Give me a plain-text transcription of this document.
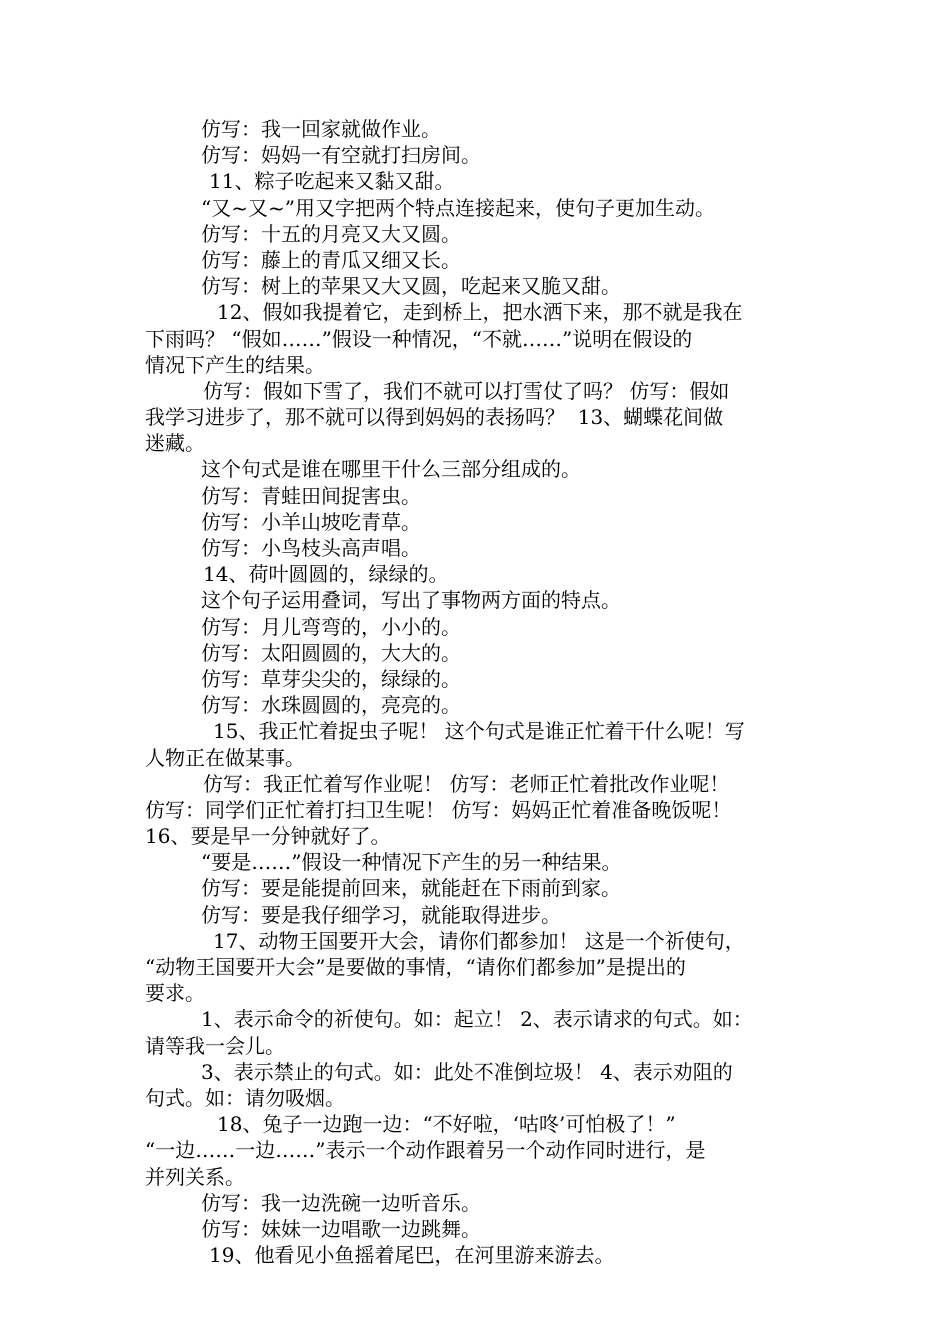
仿写：我一回家就做作业。
仿写：妈妈一有空就打扫房间。
11、粽子吃起来又黏又甜。
“又~又~”用又字把两个特点连接起来，使句子更加生动。
仿写：十五的月亮又大又圆。
仿写：藤上的青瓜又细又长。
仿写：树上的苹果又大又圆，吃起来又脆又甜。
12、假如我提着它，走到桥上，把水洒下来，那不就是我在
下雨吗？ “假如……”假设一种情况，“不就……”说明在假设的
情况下产生的结果。
仿写：假如下雪了，我们不就可以打雪仗了吗？ 仿写：假如
我学习进步了，那不就可以得到妈妈的表扬吗？  13、蝴蝶花间做
迷藏。
这个句式是谁在哪里干什么三部分组成的。
仿写：青蛙田间捉害虫。
仿写：小羊山坡吃青草。
仿写：小鸟枝头高声唱。
14、荷叶圆圆的，绿绿的。
这个句子运用叠词，写出了事物两方面的特点。
仿写：月儿弯弯的，小小的。
仿写：太阳圆圆的，大大的。
仿写：草芽尖尖的，绿绿的。
仿写：水珠圆圆的，亮亮的。
15、我正忙着捉虫子呢！ 这个句式是谁正忙着干什么呢！写
人物正在做某事。
仿写：我正忙着写作业呢！ 仿写：老师正忙着批改作业呢！
仿写：同学们正忙着打扫卫生呢！ 仿写：妈妈正忙着准备晚饭呢！
16、要是早一分钟就好了。
“要是……”假设一种情况下产生的另一种结果。
仿写：要是能提前回来，就能赶在下雨前到家。
仿写：要是我仔细学习，就能取得进步。
17、动物王国要开大会，请你们都参加！ 这是一个祈使句，
“动物王国要开大会”是要做的事情，“请你们都参加”是提出的
要求。
1、表示命令的祈使句。如：起立！ 2、表示请求的句式。如：
请等我一会儿。
3、表示禁止的句式。如：此处不准倒垃圾！ 4、表示劝阻的
句式。如：请勿吸烟。
18、兔子一边跑一边：“不好啦，‘咕咚’可怕极了！”
“一边……一边……”表示一个动作跟着另一个动作同时进行，是
并列关系。
仿写：我一边洗碗一边听音乐。
仿写：妹妹一边唱歌一边跳舞。
19、他看见小鱼摇着尾巴，在河里游来游去。
